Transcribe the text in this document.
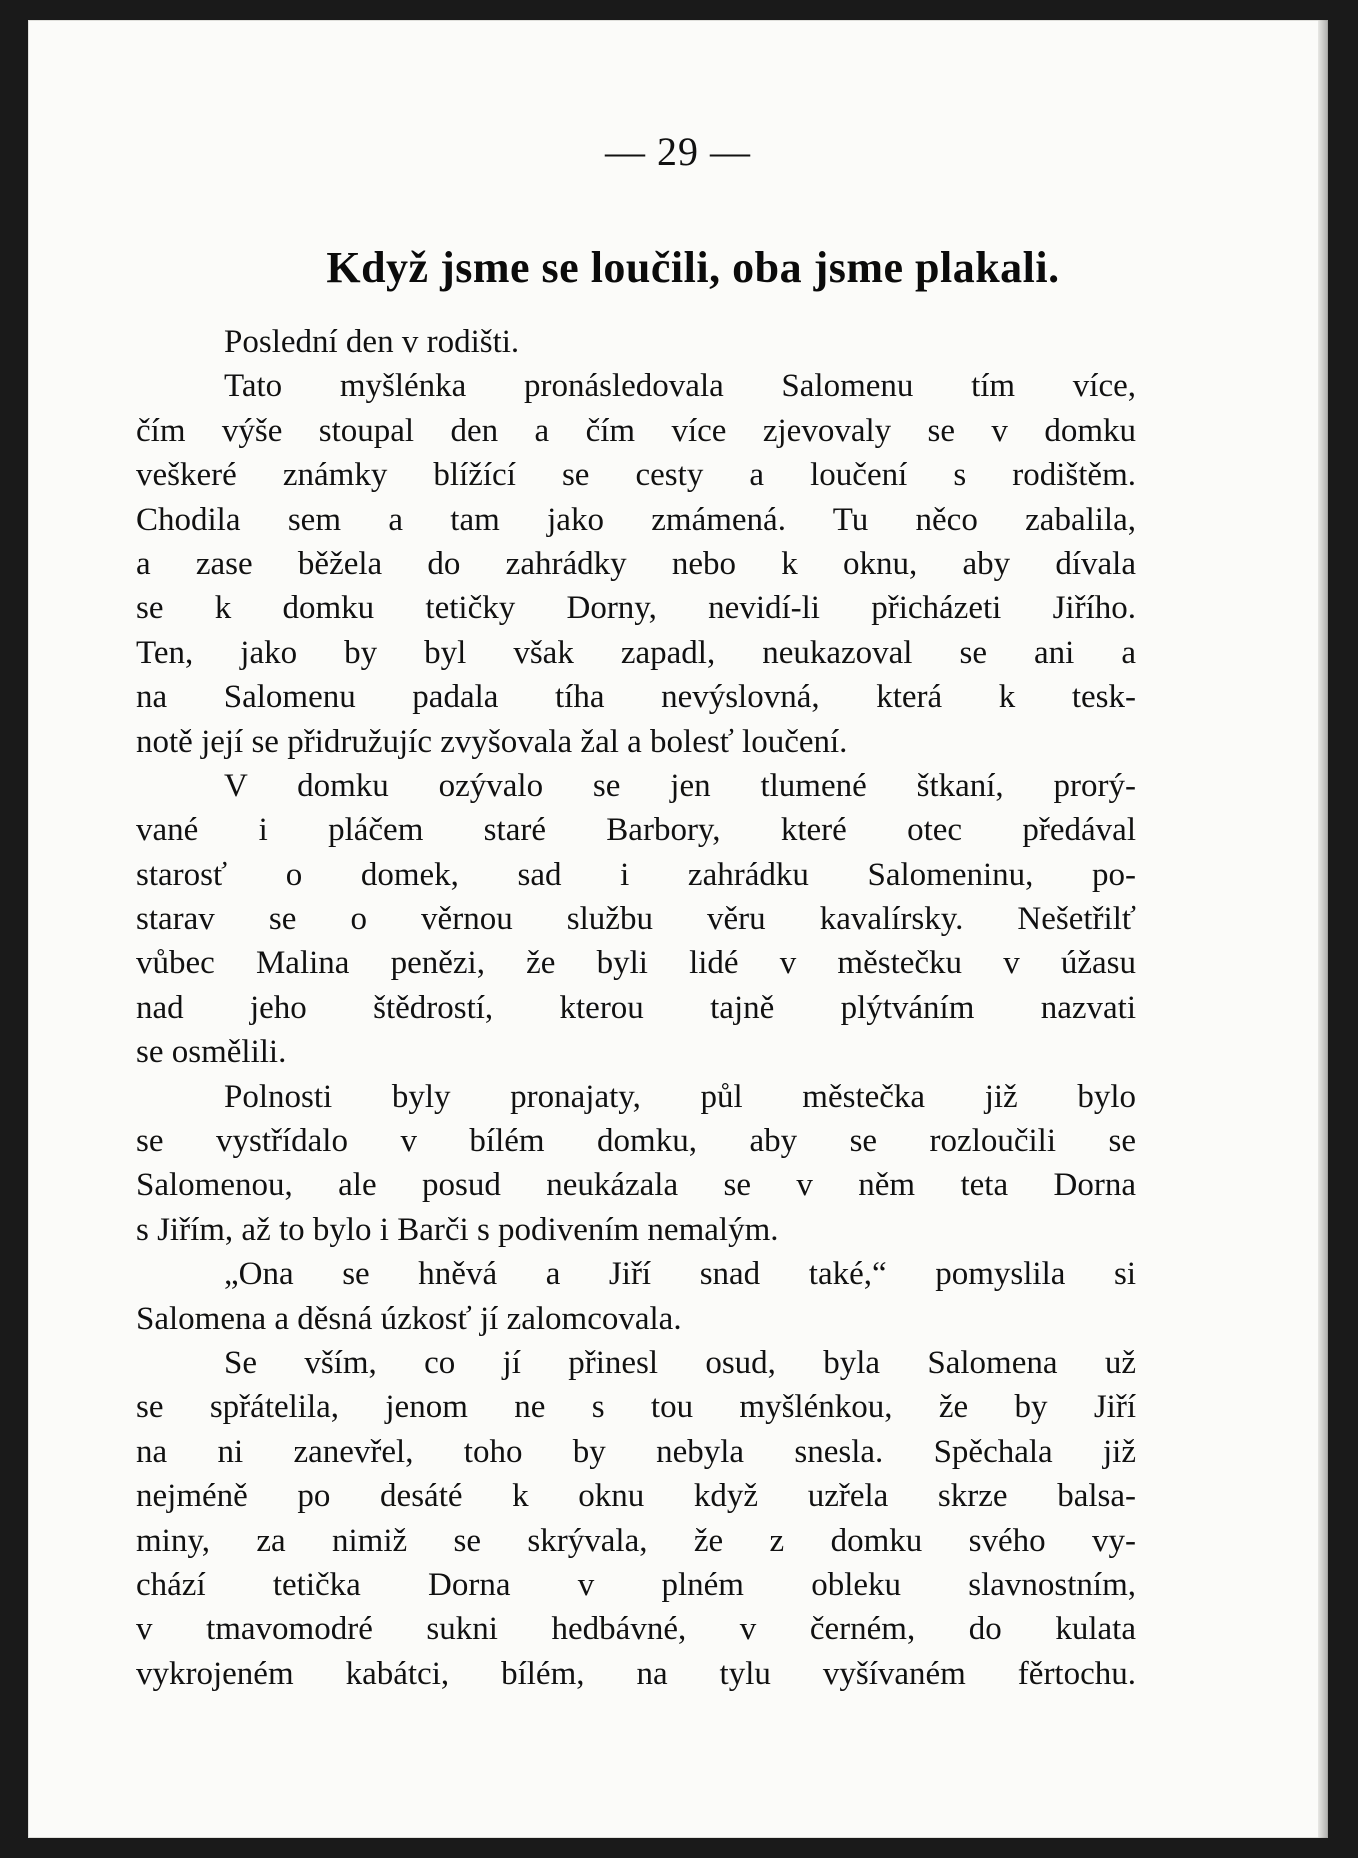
— 29 —
Když jsme se loučili, oba jsme plakali.
Poslední den v rodišti.
Tato myšlénka pronásledovala Salomenu tím více,
čím výše stoupal den a čím více zjevovaly se v domku
veškeré známky blížící se cesty a loučení s rodištěm.
Chodila sem a tam jako zmámená. Tu něco zabalila,
a zase běžela do zahrádky nebo k oknu, aby dívala
se k domku tetičky Dorny, nevidí-li přicházeti Jiřího.
Ten, jako by byl však zapadl, neukazoval se ani a
na Salomenu padala tíha nevýslovná, která k tesk-
notě její se přidružujíc zvyšovala žal a bolesť loučení.
V domku ozývalo se jen tlumené štkaní, prorý-
vané i pláčem staré Barbory, které otec předával
starosť o domek, sad i zahrádku Salomeninu, po-
starav se o věrnou službu věru kavalírsky. Nešetřilť
vůbec Malina penězi, že byli lidé v městečku v úžasu
nad jeho štědrostí, kterou tajně plýtváním nazvati
se osmělili.
Polnosti byly pronajaty, půl městečka již bylo
se vystřídalo v bílém domku, aby se rozloučili se
Salomenou, ale posud neukázala se v něm teta Dorna
s Jiřím, až to bylo i Barči s podivením nemalým.
„Ona se hněvá a Jiří snad také,“ pomyslila si
Salomena a děsná úzkosť jí zalomcovala.
Se vším, co jí přinesl osud, byla Salomena už
se spřátelila, jenom ne s tou myšlénkou, že by Jiří
na ni zanevřel, toho by nebyla snesla. Spěchala již
nejméně po desáté k oknu když uzřela skrze balsa-
miny, za nimiž se skrývala, že z domku svého vy-
chází tetička Dorna v plném obleku slavnostním,
v tmavomodré sukni hedbávné, v černém, do kulata
vykrojeném kabátci, bílém, na tylu vyšívaném fěrtochu.
